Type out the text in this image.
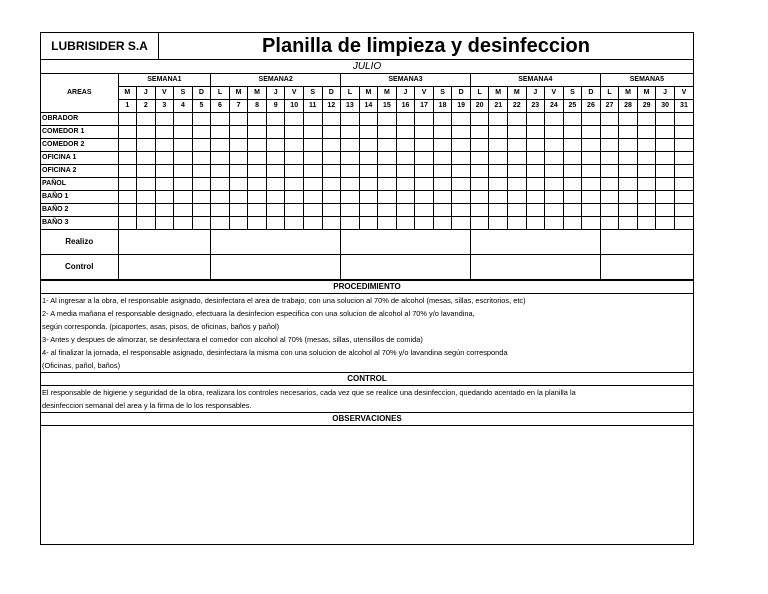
LUBRISIDER S.A	Planilla de limpieza y desinfeccion
JULIO
AREAS	SEMANA1					SEMANA2							SEMANA3							SEMANA4							SEMANA5				
	M	J	V	S	D	L	M	M	J	V	S	D	L	M	M	J	V	S	D	L	M	M	J	V	S	D	L	M	M	J	V
	1	2	3	4	5	6	7	8	9	10	11	12	13	14	15	16	17	18	19	20	21	22	23	24	25	26	27	28	29	30	31
OBRADOR																															
COMEDOR 1																															
COMEDOR 2																															
OFICINA 1																															
OFICINA 2																															
PAÑOL																															
BAÑO 1																															
BAÑO 2																															
BAÑO 3																															
Realizo																															
Control																															
PROCEDIMIENTO
1- Al ingresar a la obra, el responsable asignado, desinfectara el area de trabajo, con una solucion al 70% de alcohol (mesas, sillas, escritorios, etc)
2- A media mañana el responsable designado, efectuara la desinfecion especifica con una solucion de alcohol al 70% y/o lavandina,
según corresponda. (picaportes, asas, pisos, de oficinas, baños y pañol)
3- Antes y despues de almorzar, se desinfectara el comedor con alcohol al 70% (mesas, sillas, utensillos de comida)
4- al finalizar la jornada, el responsable asignado, desinfectara la misma con una solucion de alcohol al 70% y/o lavandina según corresponda
(Oficinas, pañol, baños)
CONTROL
El responsable de higiene y seguridad de la obra, realizara los controles necesarios, cada vez que se realice una desinfeccion, quedando acentado en la planilla la
desinfeccion semanal del area y la firma de lo los responsables.
OBSERVACIONES
